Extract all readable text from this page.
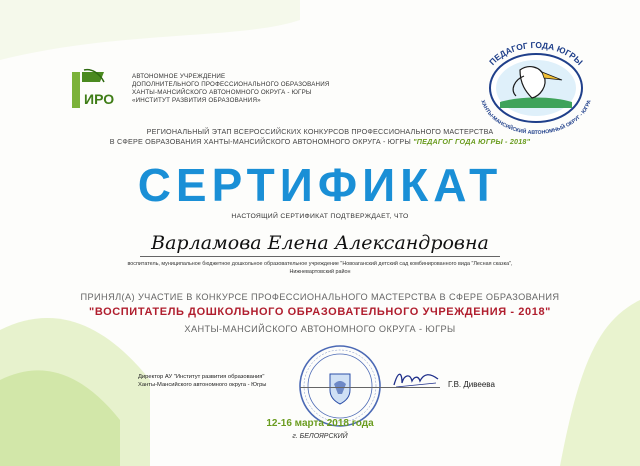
ИРО
АВТОНОМНОЕ УЧРЕЖДЕНИЕ
ДОПОЛНИТЕЛЬНОГО ПРОФЕССИОНАЛЬНОГО ОБРАЗОВАНИЯ
ХАНТЫ-МАНСИЙСКОГО АВТОНОМНОГО ОКРУГА - ЮГРЫ
«ИНСТИТУТ РАЗВИТИЯ ОБРАЗОВАНИЯ»
ПЕДАГОГ ГОДА ЮГРЫ
ХАНТЫ-МАНСИЙСКИЙ АВТОНОМНЫЙ ОКРУГ - ЮГРА
РЕГИОНАЛЬНЫЙ ЭТАП ВСЕРОССИЙСКИХ КОНКУРСОВ ПРОФЕССИОНАЛЬНОГО МАСТЕРСТВА
В СФЕРЕ ОБРАЗОВАНИЯ ХАНТЫ-МАНСИЙСКОГО АВТОНОМНОГО ОКРУГА - ЮГРЫ "ПЕДАГОГ ГОДА ЮГРЫ - 2018"
СЕРТИФИКАТ
НАСТОЯЩИЙ СЕРТИФИКАТ ПОДТВЕРЖДАЕТ, ЧТО
Варламова Елена Александровна
воспитатель, муниципальное бюджетное дошкольное образовательное учреждение "Новоаганский детский сад комбинированного вида "Лесная сказка",
Нижневартовский район
ПРИНЯЛ(А) УЧАСТИЕ В КОНКУРСЕ ПРОФЕССИОНАЛЬНОГО МАСТЕРСТВА В СФЕРЕ ОБРАЗОВАНИЯ
"ВОСПИТАТЕЛЬ ДОШКОЛЬНОГО ОБРАЗОВАТЕЛЬНОГО УЧРЕЖДЕНИЯ - 2018"
ХАНТЫ-МАНСИЙСКОГО АВТОНОМНОГО ОКРУГА - ЮГРЫ
Директор АУ "Институт развития образования"
Ханты-Мансийского автономного округа - Югры	Г.В. Дивеева
12-16 марта 2018 года
г. БЕЛОЯРСКИЙ
